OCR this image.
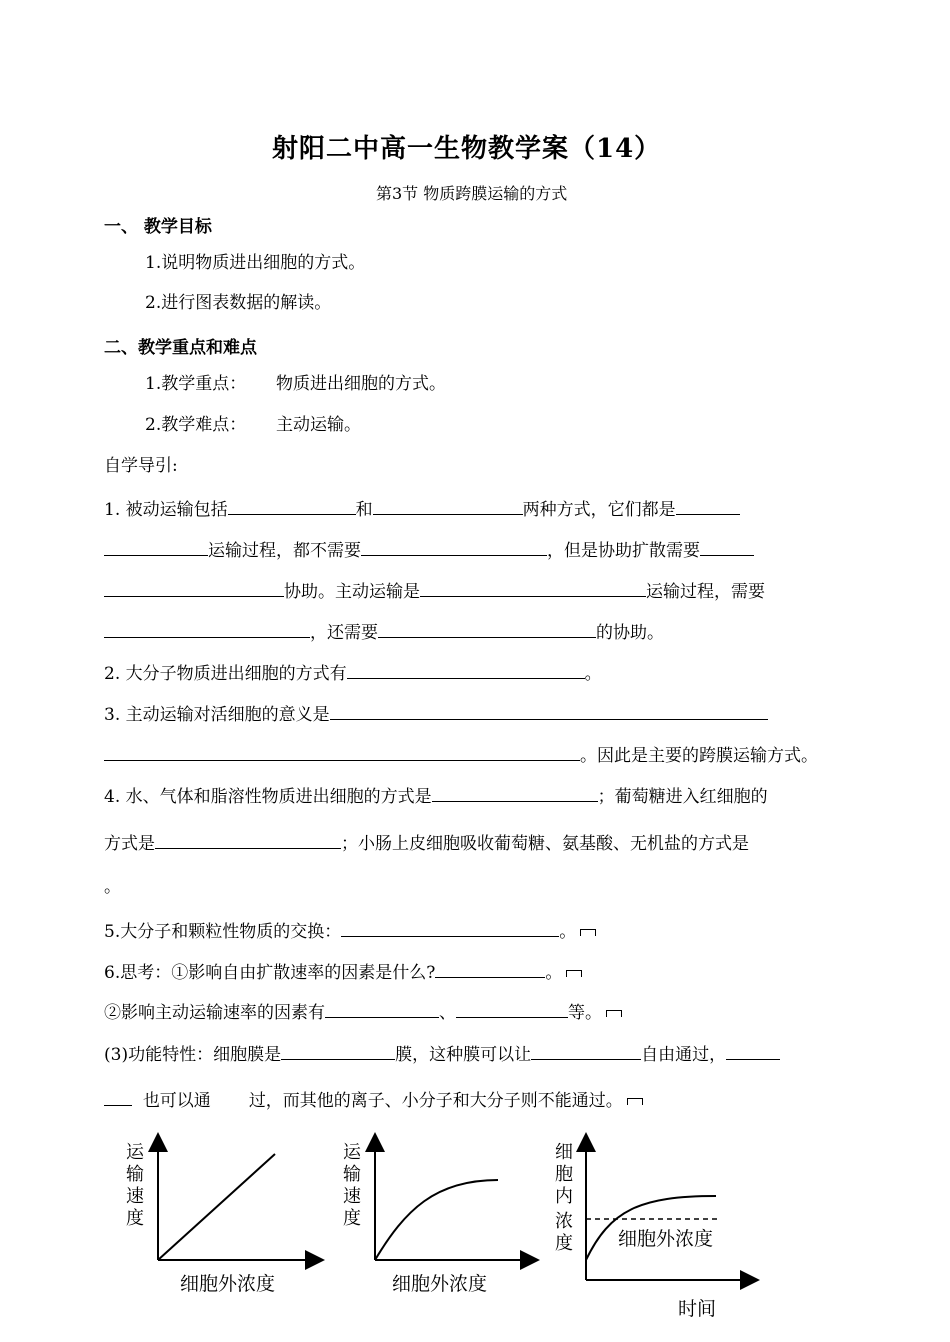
射阳二中高一生物教学案（14）
第3节 物质跨膜运输的方式
一、 教学目标
1.说明物质进出细胞的方式。
2.进行图表数据的解读。
二、教学重点和难点
1.教学重点： 物质进出细胞的方式。
2.教学难点： 主动运输。
自学导引:
1. 被动运输包括	和	两种方式，它们都是
运输过程，都不需要	，但是协助扩散需要
协助。主动运输是	运输过程，需要
，还需要	的协助。
2. 大分子物质进出细胞的方式有	。
3. 主动运输对活细胞的意义是
。因此是主要的跨膜运输方式。
4. 水、气体和脂溶性物质进出细胞的方式是	；葡萄糖进入红细胞的
方式是	；小肠上皮细胞吸收葡萄糖、氨基酸、无机盐的方式是
。
5.大分子和颗粒性物质的交换：	。
6.思考：①影响自由扩散速率的因素是什么?	。
②影响主动运输速率的因素有	、	等。
(3)功能特性：细胞膜是	膜，这种膜可以让	自由通过，
也可以通 过，而其他的离子、小分子和大分子则不能通过。
运
输
速
度
细胞外浓度
运
输
速
度
细胞外浓度
细
胞
内
浓
度 细胞外浓度
时间
